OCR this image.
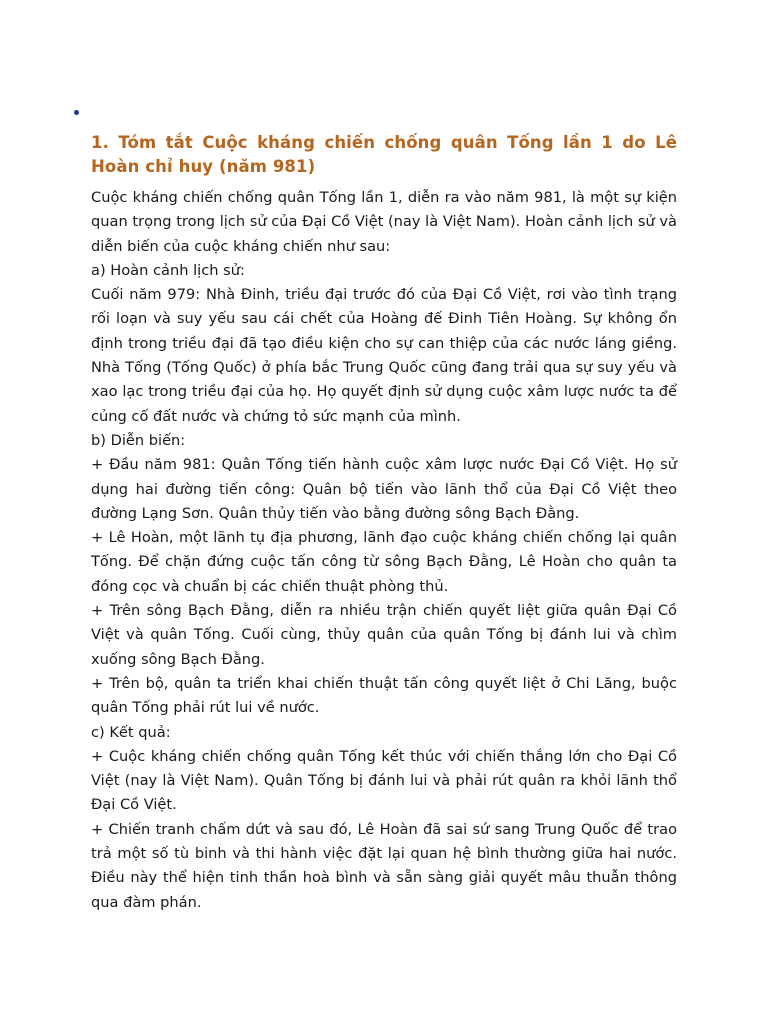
1. Tóm tắt Cuộc kháng chiến chống quân Tống lần 1 do Lê Hoàn chỉ huy (năm 981)

Cuộc kháng chiến chống quân Tống lần 1, diễn ra vào năm 981, là một sự kiện quan trọng trong lịch sử của Đại Cồ Việt (nay là Việt Nam). Hoàn cảnh lịch sử và diễn biến của cuộc kháng chiến như sau:

a) Hoàn cảnh lịch sử:

Cuối năm 979: Nhà Đinh, triều đại trước đó của Đại Cồ Việt, rơi vào tình trạng rối loạn và suy yếu sau cái chết của Hoàng đế Đinh Tiên Hoàng. Sự không ổn định trong triều đại đã tạo điều kiện cho sự can thiệp của các nước láng giềng. Nhà Tống (Tống Quốc) ở phía bắc Trung Quốc cũng đang trải qua sự suy yếu và xao lạc trong triều đại của họ. Họ quyết định sử dụng cuộc xâm lược nước ta để củng cố đất nước và chứng tỏ sức mạnh của mình.

b) Diễn biến:

+ Đầu năm 981: Quân Tống tiến hành cuộc xâm lược nước Đại Cồ Việt. Họ sử dụng hai đường tiến công: Quân bộ tiến vào lãnh thổ của Đại Cồ Việt theo đường Lạng Sơn. Quân thủy tiến vào bằng đường sông Bạch Đằng.

+ Lê Hoàn, một lãnh tụ địa phương, lãnh đạo cuộc kháng chiến chống lại quân Tống. Để chặn đứng cuộc tấn công từ sông Bạch Đằng, Lê Hoàn cho quân ta đóng cọc và chuẩn bị các chiến thuật phòng thủ.

+ Trên sông Bạch Đằng, diễn ra nhiều trận chiến quyết liệt giữa quân Đại Cồ Việt và quân Tống. Cuối cùng, thủy quân của quân Tống bị đánh lui và chìm xuống sông Bạch Đằng.

+ Trên bộ, quân ta triển khai chiến thuật tấn công quyết liệt ở Chi Lăng, buộc quân Tống phải rút lui về nước.

c) Kết quả:

+ Cuộc kháng chiến chống quân Tống kết thúc với chiến thắng lớn cho Đại Cồ Việt (nay là Việt Nam). Quân Tống bị đánh lui và phải rút quân ra khỏi lãnh thổ Đại Cồ Việt.

+ Chiến tranh chấm dứt và sau đó, Lê Hoàn đã sai sứ sang Trung Quốc để trao trả một số tù binh và thi hành việc đặt lại quan hệ bình thường giữa hai nước. Điều này thể hiện tinh thần hoà bình và sẵn sàng giải quyết mâu thuẫn thông qua đàm phán.
